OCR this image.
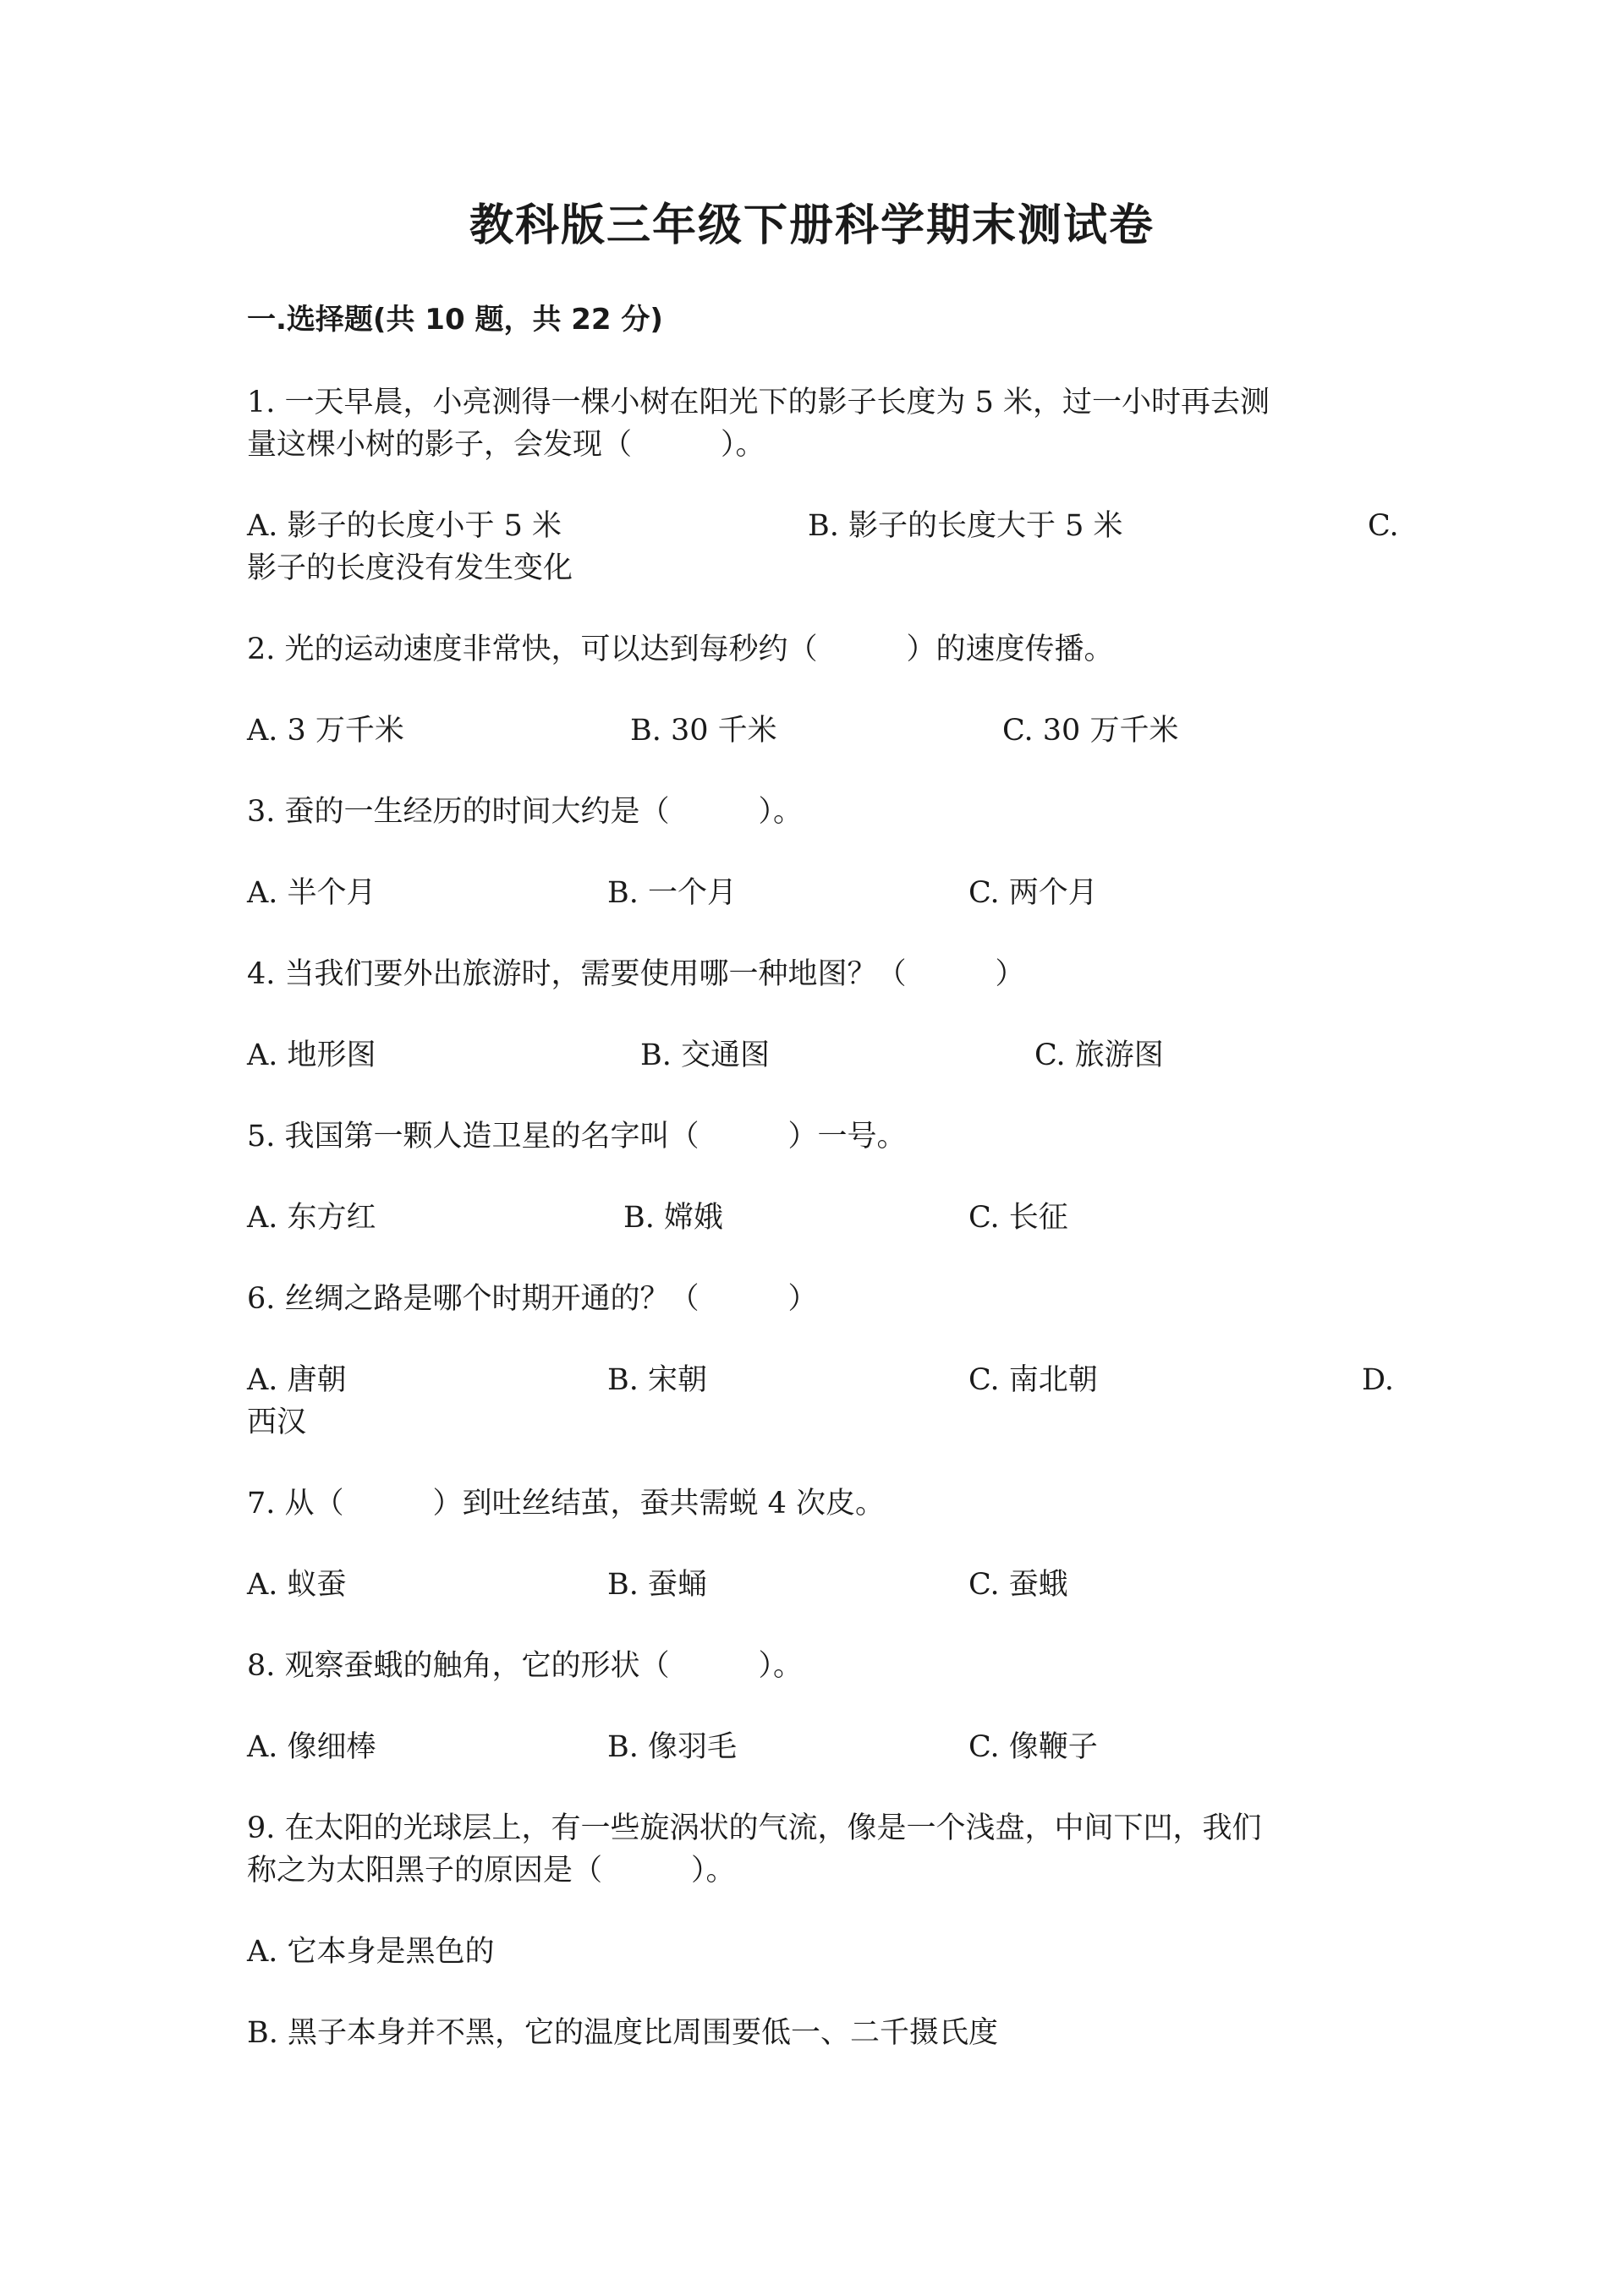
教科版三年级下册科学期末测试卷
一.选择题(共 10 题，共 22 分)
1. 一天早晨，小亮测得一棵小树在阳光下的影子长度为 5 米，过一小时再去测
量这棵小树的影子，会发现（　　　）。
A. 影子的长度小于 5 米	B. 影子的长度大于 5 米	C.
影子的长度没有发生变化
2. 光的运动速度非常快，可以达到每秒约（　　　）的速度传播。
A. 3 万千米	B. 30 千米	C. 30 万千米
3. 蚕的一生经历的时间大约是（　　　）。
A. 半个月	B. 一个月	C. 两个月
4. 当我们要外出旅游时，需要使用哪一种地图？（　　　）
A. 地形图	B. 交通图	C. 旅游图
5. 我国第一颗人造卫星的名字叫（　　　）一号。
A. 东方红	B. 嫦娥	C. 长征
6. 丝绸之路是哪个时期开通的？（　　　）
A. 唐朝	B. 宋朝	C. 南北朝	D.
西汉
7. 从（　　　）到吐丝结茧，蚕共需蜕 4 次皮。
A. 蚁蚕	B. 蚕蛹	C. 蚕蛾
8. 观察蚕蛾的触角，它的形状（　　　）。
A. 像细棒	B. 像羽毛	C. 像鞭子
9. 在太阳的光球层上，有一些旋涡状的气流，像是一个浅盘，中间下凹，我们
称之为太阳黑子的原因是（　　　）。
A. 它本身是黑色的
B. 黑子本身并不黑，它的温度比周围要低一、二千摄氏度
